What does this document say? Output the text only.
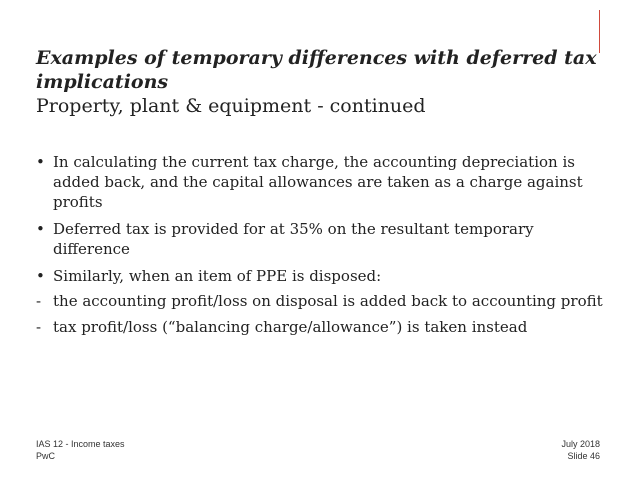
Examples of temporary differences with deferred tax implications
Property, plant & equipment - continued
• In calculating the current tax charge, the accounting depreciation is added back, and the capital allowances are taken as a charge against profits
• Deferred tax is provided for at 35% on the resultant temporary difference
• Similarly, when an item of PPE is disposed:
- the accounting profit/loss on disposal is added back to accounting profit
- tax profit/loss (“balancing charge/allowance”) is taken instead
IAS 12 - Income taxes
PwC
July 2018
Slide 46
